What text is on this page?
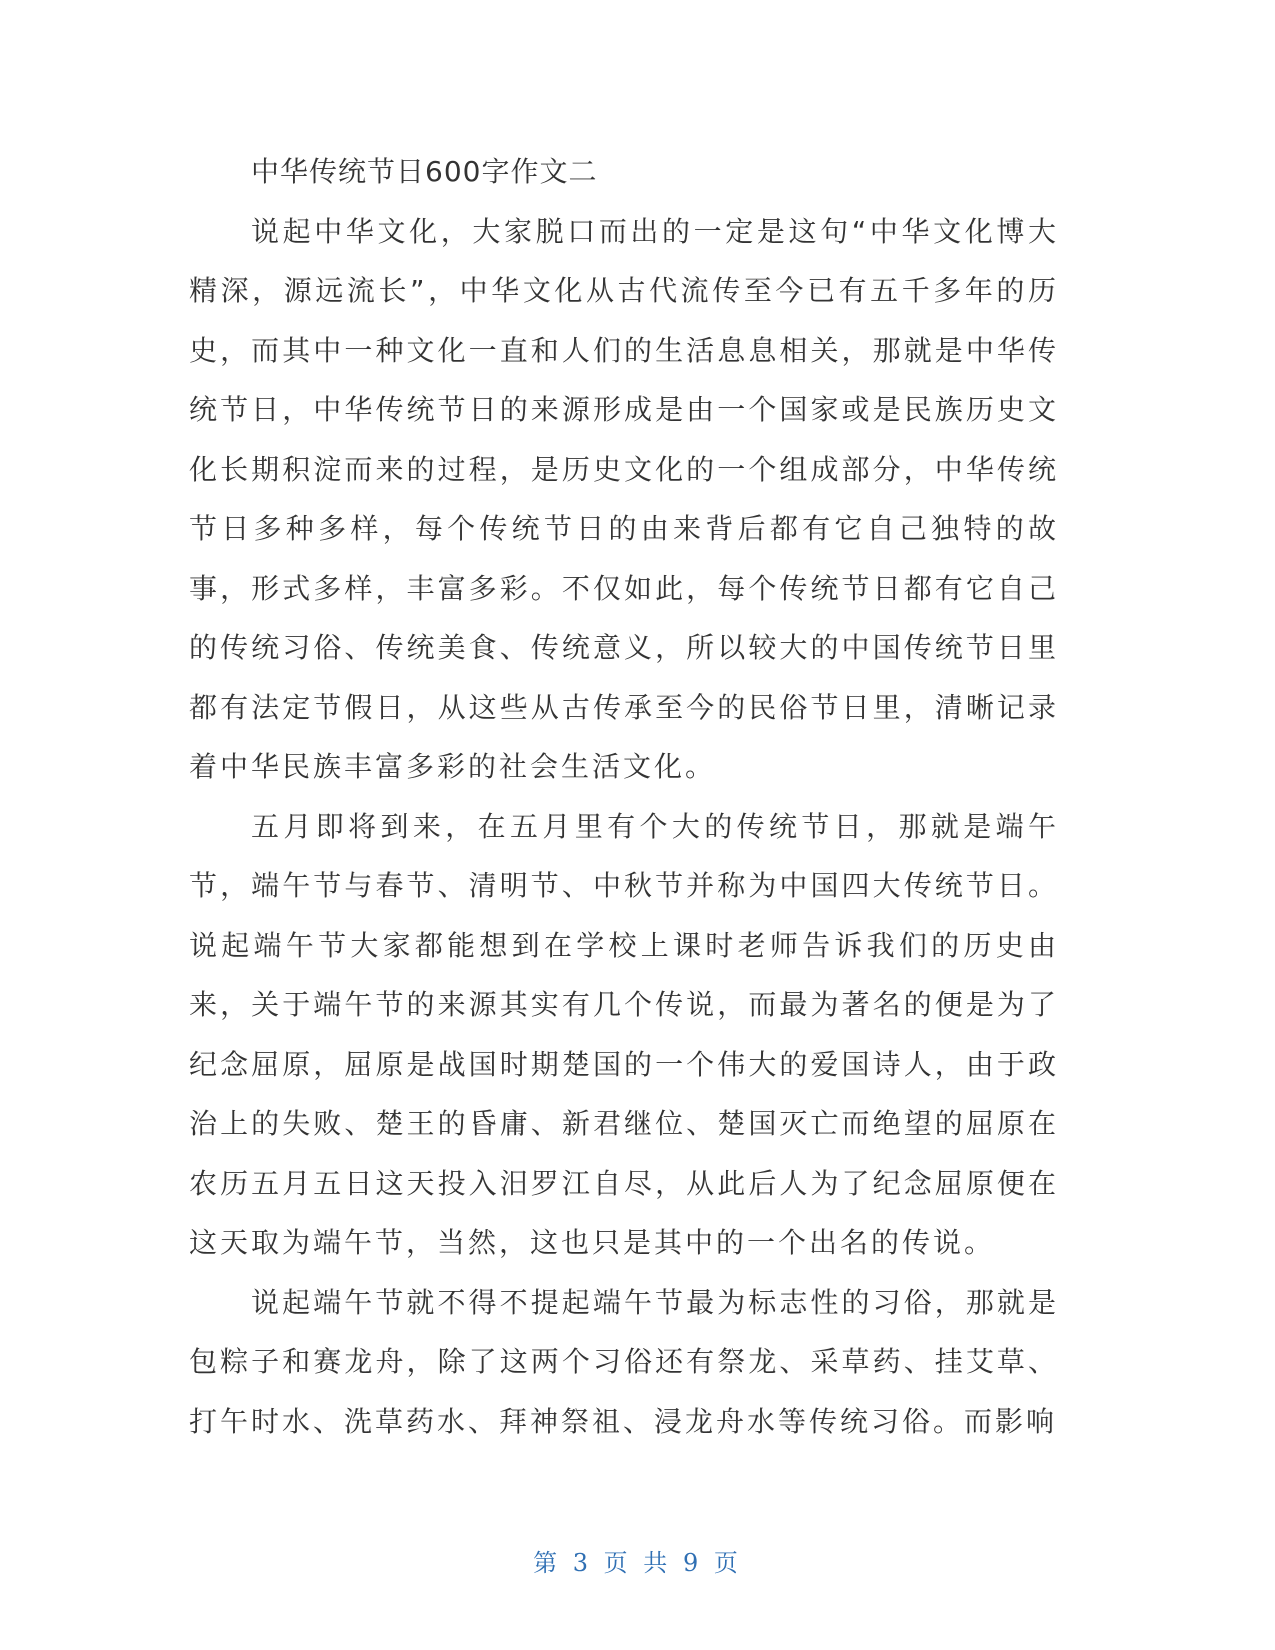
中华传统节日600字作文二

说起中华文化，大家脱口而出的一定是这句“中华文化博大精深，源远流长”，中华文化从古代流传至今已有五千多年的历史，而其中一种文化一直和人们的生活息息相关，那就是中华传统节日，中华传统节日的来源形成是由一个国家或是民族历史文化长期积淀而来的过程，是历史文化的一个组成部分，中华传统节日多种多样，每个传统节日的由来背后都有它自己独特的故事，形式多样，丰富多彩。不仅如此，每个传统节日都有它自己的传统习俗、传统美食、传统意义，所以较大的中国传统节日里都有法定节假日，从这些从古传承至今的民俗节日里，清晰记录着中华民族丰富多彩的社会生活文化。

五月即将到来，在五月里有个大的传统节日，那就是端午节，端午节与春节、清明节、中秋节并称为中国四大传统节日。说起端午节大家都能想到在学校上课时老师告诉我们的历史由来，关于端午节的来源其实有几个传说，而最为著名的便是为了纪念屈原，屈原是战国时期楚国的一个伟大的爱国诗人，由于政治上的失败、楚王的昏庸、新君继位、楚国灭亡而绝望的屈原在农历五月五日这天投入汨罗江自尽，从此后人为了纪念屈原便在这天取为端午节，当然，这也只是其中的一个出名的传说。

说起端午节就不得不提起端午节最为标志性的习俗，那就是包粽子和赛龙舟，除了这两个习俗还有祭龙、采草药、挂艾草、打午时水、洗草药水、拜神祭祖、浸龙舟水等传统习俗。而影响

第 3 页 共 9 页
